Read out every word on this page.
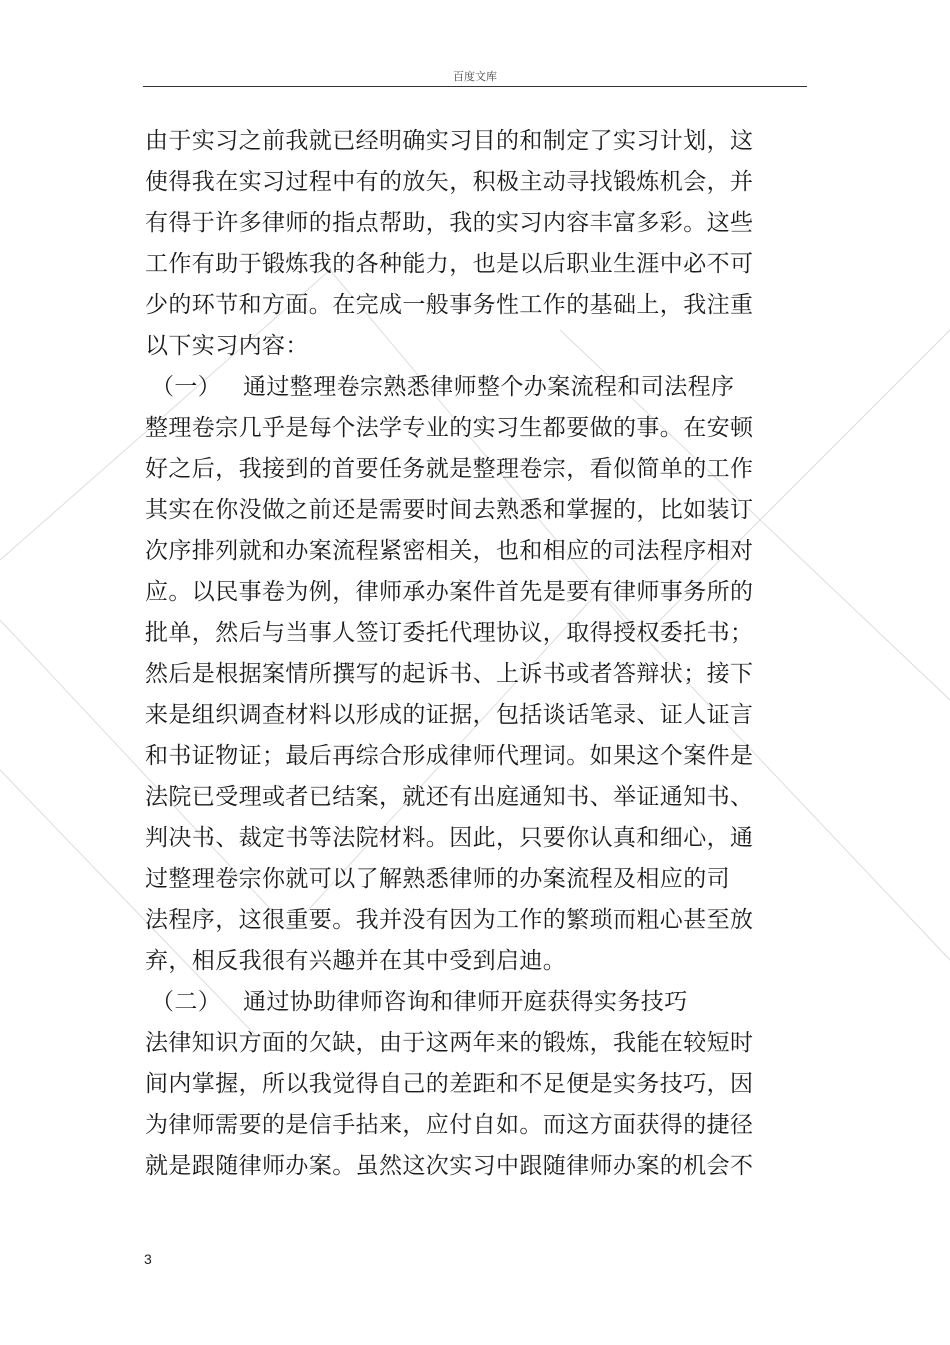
百度文库
由于实习之前我就已经明确实习目的和制定了实习计划，这
使得我在实习过程中有的放矢，积极主动寻找锻炼机会，并
有得于许多律师的指点帮助，我的实习内容丰富多彩。这些
工作有助于锻炼我的各种能力，也是以后职业生涯中必不可
少的环节和方面。在完成一般事务性工作的基础上，我注重
以下实习内容：
（一） 通过整理卷宗熟悉律师整个办案流程和司法程序
整理卷宗几乎是每个法学专业的实习生都要做的事。在安顿
好之后，我接到的首要任务就是整理卷宗，看似简单的工作
其实在你没做之前还是需要时间去熟悉和掌握的，比如装订
次序排列就和办案流程紧密相关，也和相应的司法程序相对
应。以民事卷为例，律师承办案件首先是要有律师事务所的
批单，然后与当事人签订委托代理协议，取得授权委托书；
然后是根据案情所撰写的起诉书、上诉书或者答辩状；接下
来是组织调查材料以形成的证据，包括谈话笔录、证人证言
和书证物证；最后再综合形成律师代理词。如果这个案件是
法院已受理或者已结案，就还有出庭通知书、举证通知书、
判决书、裁定书等法院材料。因此，只要你认真和细心，通
过整理卷宗你就可以了解熟悉律师的办案流程及相应的司
法程序，这很重要。我并没有因为工作的繁琐而粗心甚至放
弃，相反我很有兴趣并在其中受到启迪。
（二） 通过协助律师咨询和律师开庭获得实务技巧
法律知识方面的欠缺，由于这两年来的锻炼，我能在较短时
间内掌握，所以我觉得自己的差距和不足便是实务技巧，因
为律师需要的是信手拈来，应付自如。而这方面获得的捷径
就是跟随律师办案。虽然这次实习中跟随律师办案的机会不
3
